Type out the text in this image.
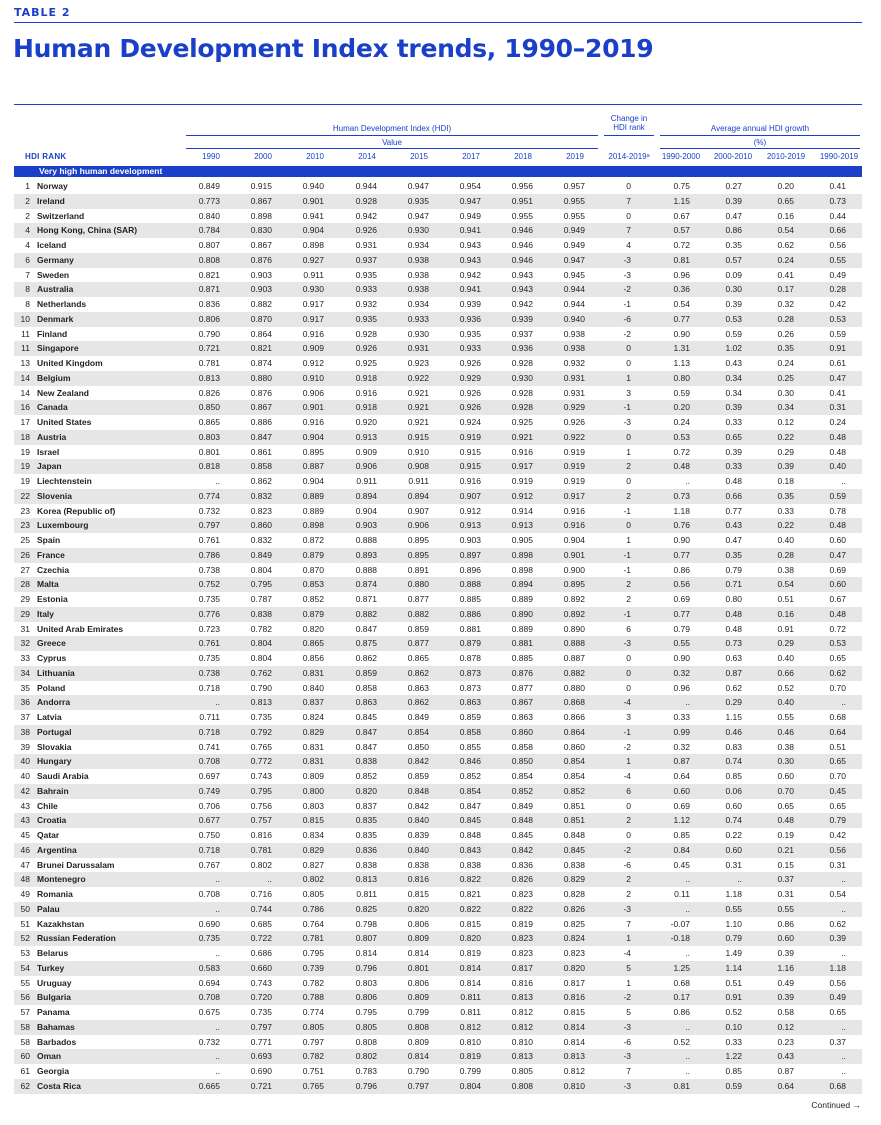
TABLE 2
Human Development Index trends, 1990–2019
Human Development Index (HDI)
Value
Change in
HDI rank	Average annual HDI growth
(%)
HDI RANK	1990	2000	2010	2014	2015	2017	2018	2019	2014-2019ᵃ	1990-2000 2000-2010 2010-2019 1990-2019
Very high human development
1 Norway	0.849	0.915	0.940	0.944	0.947	0.954	0.956	0.957	0	0.75	0.27	0.20	0.41
2 Ireland	0.773	0.867	0.901	0.928	0.935	0.947	0.951	0.955	7	1.15	0.39	0.65	0.73
2 Switzerland	0.840	0.898	0.941	0.942	0.947	0.949	0.955	0.955	0	0.67	0.47	0.16	0.44
4 Hong Kong, China (SAR)	0.784	0.830	0.904	0.926	0.930	0.941	0.946	0.949	7	0.57	0.86	0.54	0.66
4 Iceland	0.807	0.867	0.898	0.931	0.934	0.943	0.946	0.949	4	0.72	0.35	0.62	0.56
6 Germany	0.808	0.876	0.927	0.937	0.938	0.943	0.946	0.947	-3	0.81	0.57	0.24	0.55
7 Sweden	0.821	0.903	0.911	0.935	0.938	0.942	0.943	0.945	-3	0.96	0.09	0.41	0.49
8 Australia	0.871	0.903	0.930	0.933	0.938	0.941	0.943	0.944	-2	0.36	0.30	0.17	0.28
8 Netherlands	0.836	0.882	0.917	0.932	0.934	0.939	0.942	0.944	-1	0.54	0.39	0.32	0.42
10 Denmark	0.806	0.870	0.917	0.935	0.933	0.936	0.939	0.940	-6	0.77	0.53	0.28	0.53
11 Finland	0.790	0.864	0.916	0.928	0.930	0.935	0.937	0.938	-2	0.90	0.59	0.26	0.59
11 Singapore	0.721	0.821	0.909	0.926	0.931	0.933	0.936	0.938	0	1.31	1.02	0.35	0.91
13 United Kingdom	0.781	0.874	0.912	0.925	0.923	0.926	0.928	0.932	0	1.13	0.43	0.24	0.61
14 Belgium	0.813	0.880	0.910	0.918	0.922	0.929	0.930	0.931	1	0.80	0.34	0.25	0.47
14 New Zealand	0.826	0.876	0.906	0.916	0.921	0.926	0.928	0.931	3	0.59	0.34	0.30	0.41
16 Canada	0.850	0.867	0.901	0.918	0.921	0.926	0.928	0.929	-1	0.20	0.39	0.34	0.31
17 United States	0.865	0.886	0.916	0.920	0.921	0.924	0.925	0.926	-3	0.24	0.33	0.12	0.24
18 Austria	0.803	0.847	0.904	0.913	0.915	0.919	0.921	0.922	0	0.53	0.65	0.22	0.48
19 Israel	0.801	0.861	0.895	0.909	0.910	0.915	0.916	0.919	1	0.72	0.39	0.29	0.48
19 Japan	0.818	0.858	0.887	0.906	0.908	0.915	0.917	0.919	2	0.48	0.33	0.39	0.40
19 Liechtenstein	..	0.862	0.904	0.911	0.911	0.916	0.919	0.919	0	..	0.48	0.18	..
22 Slovenia	0.774	0.832	0.889	0.894	0.894	0.907	0.912	0.917	2	0.73	0.66	0.35	0.59
23 Korea (Republic of)	0.732	0.823	0.889	0.904	0.907	0.912	0.914	0.916	-1	1.18	0.77	0.33	0.78
23 Luxembourg	0.797	0.860	0.898	0.903	0.906	0.913	0.913	0.916	0	0.76	0.43	0.22	0.48
25 Spain	0.761	0.832	0.872	0.888	0.895	0.903	0.905	0.904	1	0.90	0.47	0.40	0.60
26 France	0.786	0.849	0.879	0.893	0.895	0.897	0.898	0.901	-1	0.77	0.35	0.28	0.47
27 Czechia	0.738	0.804	0.870	0.888	0.891	0.896	0.898	0.900	-1	0.86	0.79	0.38	0.69
28 Malta	0.752	0.795	0.853	0.874	0.880	0.888	0.894	0.895	2	0.56	0.71	0.54	0.60
29 Estonia	0.735	0.787	0.852	0.871	0.877	0.885	0.889	0.892	2	0.69	0.80	0.51	0.67
29 Italy	0.776	0.838	0.879	0.882	0.882	0.886	0.890	0.892	-1	0.77	0.48	0.16	0.48
31 United Arab Emirates	0.723	0.782	0.820	0.847	0.859	0.881	0.889	0.890	6	0.79	0.48	0.91	0.72
32 Greece	0.761	0.804	0.865	0.875	0.877	0.879	0.881	0.888	-3	0.55	0.73	0.29	0.53
33 Cyprus	0.735	0.804	0.856	0.862	0.865	0.878	0.885	0.887	0	0.90	0.63	0.40	0.65
34 Lithuania	0.738	0.762	0.831	0.859	0.862	0.873	0.876	0.882	0	0.32	0.87	0.66	0.62
35 Poland	0.718	0.790	0.840	0.858	0.863	0.873	0.877	0.880	0	0.96	0.62	0.52	0.70
36 Andorra	..	0.813	0.837	0.863	0.862	0.863	0.867	0.868	-4	..	0.29	0.40	..
37 Latvia	0.711	0.735	0.824	0.845	0.849	0.859	0.863	0.866	3	0.33	1.15	0.55	0.68
38 Portugal	0.718	0.792	0.829	0.847	0.854	0.858	0.860	0.864	-1	0.99	0.46	0.46	0.64
39 Slovakia	0.741	0.765	0.831	0.847	0.850	0.855	0.858	0.860	-2	0.32	0.83	0.38	0.51
40 Hungary	0.708	0.772	0.831	0.838	0.842	0.846	0.850	0.854	1	0.87	0.74	0.30	0.65
40 Saudi Arabia	0.697	0.743	0.809	0.852	0.859	0.852	0.854	0.854	-4	0.64	0.85	0.60	0.70
42 Bahrain	0.749	0.795	0.800	0.820	0.848	0.854	0.852	0.852	6	0.60	0.06	0.70	0.45
43 Chile	0.706	0.756	0.803	0.837	0.842	0.847	0.849	0.851	0	0.69	0.60	0.65	0.65
43 Croatia	0.677	0.757	0.815	0.835	0.840	0.845	0.848	0.851	2	1.12	0.74	0.48	0.79
45 Qatar	0.750	0.816	0.834	0.835	0.839	0.848	0.845	0.848	0	0.85	0.22	0.19	0.42
46 Argentina	0.718	0.781	0.829	0.836	0.840	0.843	0.842	0.845	-2	0.84	0.60	0.21	0.56
47 Brunei Darussalam	0.767	0.802	0.827	0.838	0.838	0.838	0.836	0.838	-6	0.45	0.31	0.15	0.31
48 Montenegro	..	..	0.802	0.813	0.816	0.822	0.826	0.829	2	..	..	0.37	..
49 Romania	0.708	0.716	0.805	0.811	0.815	0.821	0.823	0.828	2	0.11	1.18	0.31	0.54
50 Palau	..	0.744	0.786	0.825	0.820	0.822	0.822	0.826	-3	..	0.55	0.55	..
51 Kazakhstan	0.690	0.685	0.764	0.798	0.806	0.815	0.819	0.825	7	-0.07	1.10	0.86	0.62
52 Russian Federation	0.735	0.722	0.781	0.807	0.809	0.820	0.823	0.824	1	-0.18	0.79	0.60	0.39
53 Belarus	..	0.686	0.795	0.814	0.814	0.819	0.823	0.823	-4	..	1.49	0.39	..
54 Turkey	0.583	0.660	0.739	0.796	0.801	0.814	0.817	0.820	5	1.25	1.14	1.16	1.18
55 Uruguay	0.694	0.743	0.782	0.803	0.806	0.814	0.816	0.817	1	0.68	0.51	0.49	0.56
56 Bulgaria	0.708	0.720	0.788	0.806	0.809	0.811	0.813	0.816	-2	0.17	0.91	0.39	0.49
57 Panama	0.675	0.735	0.774	0.795	0.799	0.811	0.812	0.815	5	0.86	0.52	0.58	0.65
58 Bahamas	..	0.797	0.805	0.805	0.808	0.812	0.812	0.814	-3	..	0.10	0.12	..
58 Barbados	0.732	0.771	0.797	0.808	0.809	0.810	0.810	0.814	-6	0.52	0.33	0.23	0.37
60 Oman	..	0.693	0.782	0.802	0.814	0.819	0.813	0.813	-3	..	1.22	0.43	..
61 Georgia	..	0.690	0.751	0.783	0.790	0.799	0.805	0.812	7	..	0.85	0.87	..
62 Costa Rica	0.665	0.721	0.765	0.796	0.797	0.804	0.808	0.810	-3	0.81	0.59	0.64	0.68
Continued →
